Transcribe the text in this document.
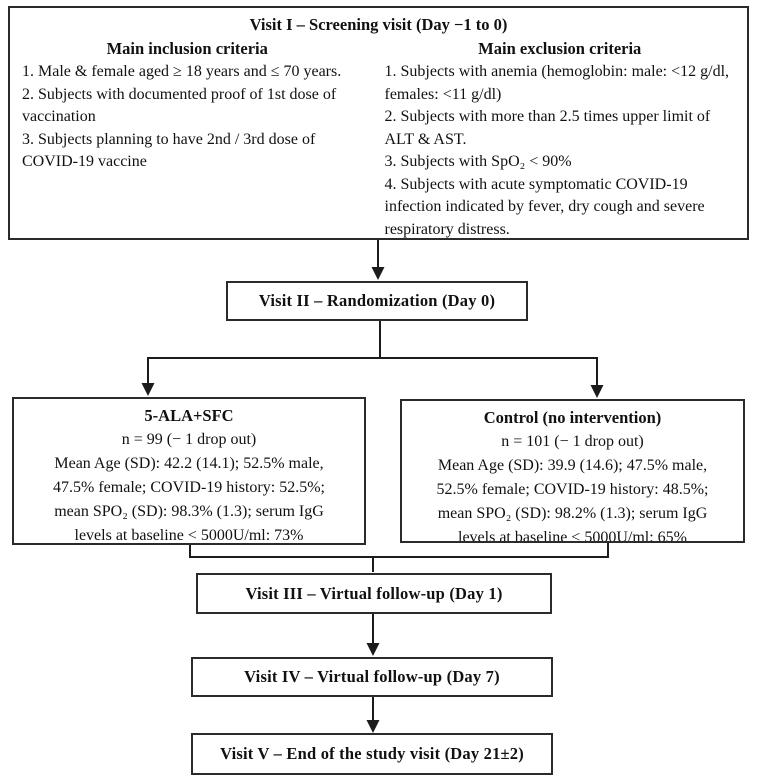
Visit I – Screening visit (Day −1 to 0)
Main inclusion criteria
1. Male & female aged ≥ 18 years and ≤ 70 years.
2. Subjects with documented proof of 1st dose of vaccination
3. Subjects planning to have 2nd / 3rd dose of COVID-19 vaccine
Main exclusion criteria
1. Subjects with anemia (hemoglobin: male: <12 g/dl, females: <11 g/dl)
2. Subjects with more than 2.5 times upper limit of ALT & AST.
3. Subjects with SpO₂ < 90%
4. Subjects with acute symptomatic COVID-19 infection indicated by fever, dry cough and severe respiratory distress.
Visit II – Randomization (Day 0)
5-ALA+SFC
n = 99 (− 1 drop out)
Mean Age (SD): 42.2 (14.1); 52.5% male,
47.5% female; COVID-19 history: 52.5%;
mean SPO₂ (SD): 98.3% (1.3); serum IgG
levels at baseline < 5000U/ml: 73%
Control (no intervention)
n = 101 (− 1 drop out)
Mean Age (SD): 39.9 (14.6); 47.5% male,
52.5% female; COVID-19 history: 48.5%;
mean SPO₂ (SD): 98.2% (1.3); serum IgG
levels at baseline < 5000U/ml: 65%
Visit III – Virtual follow-up (Day 1)
Visit IV – Virtual follow-up (Day 7)
Visit V – End of the study visit (Day 21±2)
